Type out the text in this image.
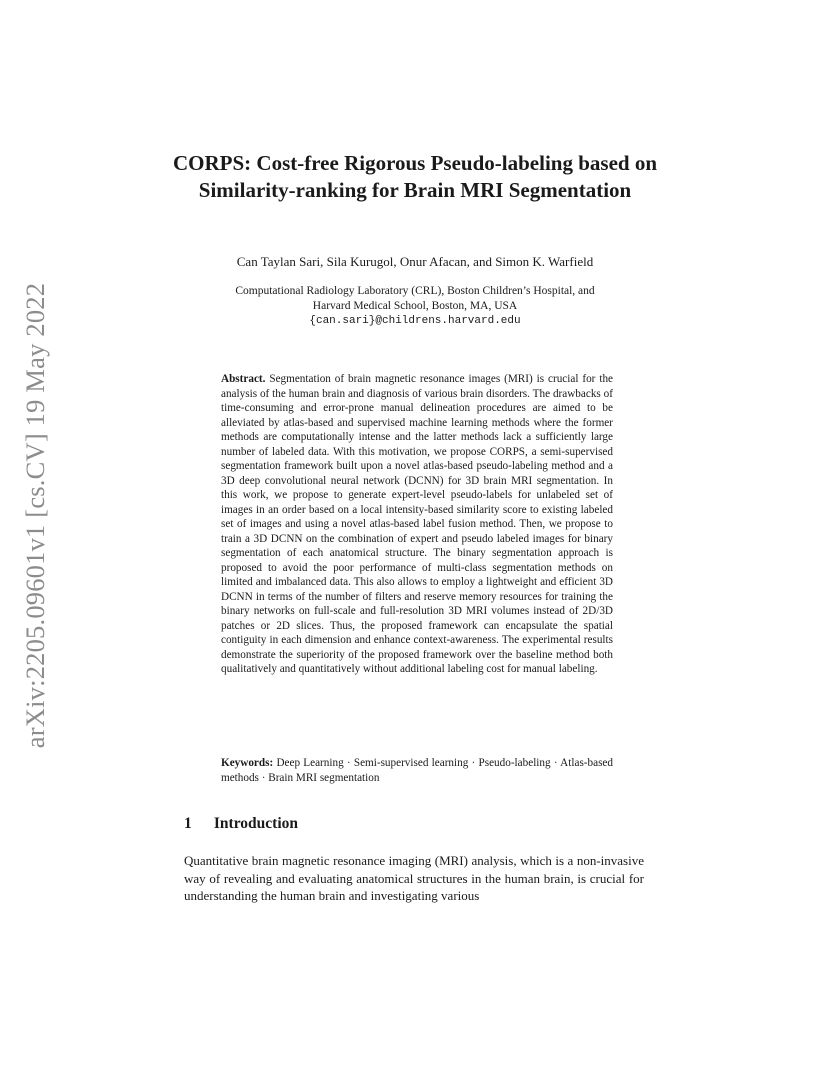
arXiv:2205.09601v1 [cs.CV] 19 May 2022
CORPS: Cost-free Rigorous Pseudo-labeling based on Similarity-ranking for Brain MRI Segmentation
Can Taylan Sari, Sila Kurugol, Onur Afacan, and Simon K. Warfield
Computational Radiology Laboratory (CRL), Boston Children’s Hospital, and
Harvard Medical School, Boston, MA, USA
{can.sari}@childrens.harvard.edu
Abstract. Segmentation of brain magnetic resonance images (MRI) is crucial for the analysis of the human brain and diagnosis of various brain disorders. The drawbacks of time-consuming and error-prone manual delineation procedures are aimed to be alleviated by atlas-based and supervised machine learning methods where the former methods are computationally intense and the latter methods lack a sufficiently large number of labeled data. With this motivation, we propose CORPS, a semi-supervised segmentation framework built upon a novel atlas-based pseudo-labeling method and a 3D deep convolutional neural network (DCNN) for 3D brain MRI segmentation. In this work, we propose to generate expert-level pseudo-labels for unlabeled set of images in an order based on a local intensity-based similarity score to existing labeled set of images and using a novel atlas-based label fusion method. Then, we propose to train a 3D DCNN on the combination of expert and pseudo labeled images for binary segmentation of each anatomical structure. The binary segmentation approach is proposed to avoid the poor performance of multi-class segmentation methods on limited and imbalanced data. This also allows to employ a lightweight and efficient 3D DCNN in terms of the number of filters and reserve memory resources for training the binary networks on full-scale and full-resolution 3D MRI volumes instead of 2D/3D patches or 2D slices. Thus, the proposed framework can encapsulate the spatial contiguity in each dimension and enhance context-awareness. The experimental results demonstrate the superiority of the proposed framework over the baseline method both qualitatively and quantitatively without additional labeling cost for manual labeling.
Keywords: Deep Learning · Semi-supervised learning · Pseudo-labeling · Atlas-based methods · Brain MRI segmentation
1 Introduction
Quantitative brain magnetic resonance imaging (MRI) analysis, which is a non-invasive way of revealing and evaluating anatomical structures in the human brain, is crucial for understanding the human brain and investigating various
